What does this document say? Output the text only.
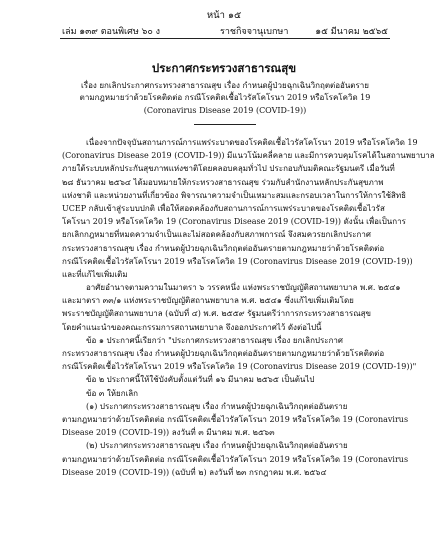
หน้า ๑๕
เล่ม ๑๓๙ ตอนพิเศษ ๖๐ ง	ราชกิจจานุเบกษา	๑๕ มีนาคม ๒๕๖๕
ประกาศกระทรวงสาธารณสุข
เรื่อง ยกเลิกประกาศกระทรวงสาธารณสุข เรื่อง กำหนดผู้ป่วยฉุกเฉินวิกฤตต่ออันตราย
ตามกฎหมายว่าด้วยโรคติดต่อ กรณีโรคติดเชื้อไวรัสโคโรนา 2019 หรือโรคโควิด 19
(Coronavirus Disease 2019 (COVID-19))
เนื่องจากปัจจุบันสถานการณ์การแพร่ระบาดของโรคติดเชื้อไวรัสโคโรนา 2019 หรือโรคโควิด 19
(Coronavirus Disease 2019 (COVID-19)) มีแนวโน้มคลี่คลาย และมีการควบคุมโรคได้ในสถานพยาบาล
ภายใต้ระบบหลักประกันสุขภาพแห่งชาติโดยคลอบคลุมทั่วไป ประกอบกับมติคณะรัฐมนตรี เมื่อวันที่
๒๘ ธันวาคม ๒๕๖๔ ได้มอบหมายให้กระทรวงสาธารณสุข ร่วมกับสำนักงานหลักประกันสุขภาพ
แห่งชาติ และหน่วยงานที่เกี่ยวข้อง พิจารณาความจำเป็นเหมาะสมและกรอบเวลาในการให้การใช้สิทธิ
UCEP กลับเข้าสู่ระบบปกติ เพื่อให้สอดคล้องกับสถานการณ์การแพร่ระบาดของโรคติดเชื้อไวรัส
โคโรนา 2019 หรือโรคโควิด 19 (Coronavirus Disease 2019 (COVID-19)) ดังนั้น เพื่อเป็นการ
ยกเลิกกฎหมายที่หมดความจำเป็นและไม่สอดคล้องกับสภาพการณ์ จึงสมควรยกเลิกประกาศ
กระทรวงสาธารณสุข เรื่อง กำหนดผู้ป่วยฉุกเฉินวิกฤตต่ออันตรายตามกฎหมายว่าด้วยโรคติดต่อ
กรณีโรคติดเชื้อไวรัสโคโรนา 2019 หรือโรคโควิด 19 (Coronavirus Disease 2019 (COVID-19))
และที่แก้ไขเพิ่มเติม
อาศัยอำนาจตามความในมาตรา ๖ วรรคหนึ่ง แห่งพระราชบัญญัติสถานพยาบาล พ.ศ. ๒๕๔๑
และมาตรา ๓๓/๑ แห่งพระราชบัญญัติสถานพยาบาล พ.ศ. ๒๕๔๑ ซึ่งแก้ไขเพิ่มเติมโดย
พระราชบัญญัติสถานพยาบาล (ฉบับที่ ๔) พ.ศ. ๒๕๕๙ รัฐมนตรีว่าการกระทรวงสาธารณสุข
โดยคำแนะนำของคณะกรรมการสถานพยาบาล จึงออกประกาศไว้ ดังต่อไปนี้
ข้อ ๑ ประกาศนี้เรียกว่า "ประกาศกระทรวงสาธารณสุข เรื่อง ยกเลิกประกาศ
กระทรวงสาธารณสุข เรื่อง กำหนดผู้ป่วยฉุกเฉินวิกฤตต่ออันตรายตามกฎหมายว่าด้วยโรคติดต่อ
กรณีโรคติดเชื้อไวรัสโคโรนา 2019 หรือโรคโควิด 19 (Coronavirus Disease 2019 (COVID-19))"
ข้อ ๒ ประกาศนี้ให้ใช้บังคับตั้งแต่วันที่ ๑๖ มีนาคม ๒๕๖๕ เป็นต้นไป
ข้อ ๓ ให้ยกเลิก
(๑) ประกาศกระทรวงสาธารณสุข เรื่อง กำหนดผู้ป่วยฉุกเฉินวิกฤตต่ออันตราย
ตามกฎหมายว่าด้วยโรคติดต่อ กรณีโรคติดเชื้อไวรัสโคโรนา 2019 หรือโรคโควิด 19 (Coronavirus
Disease 2019 (COVID-19)) ลงวันที่ ๓ มีนาคม พ.ศ. ๒๕๖๓
(๒) ประกาศกระทรวงสาธารณสุข เรื่อง กำหนดผู้ป่วยฉุกเฉินวิกฤตต่ออันตราย
ตามกฎหมายว่าด้วยโรคติดต่อ กรณีโรคติดเชื้อไวรัสโคโรนา 2019 หรือโรคโควิด 19 (Coronavirus
Disease 2019 (COVID-19)) (ฉบับที่ ๒) ลงวันที่ ๒๓ กรกฎาคม พ.ศ. ๒๕๖๔
